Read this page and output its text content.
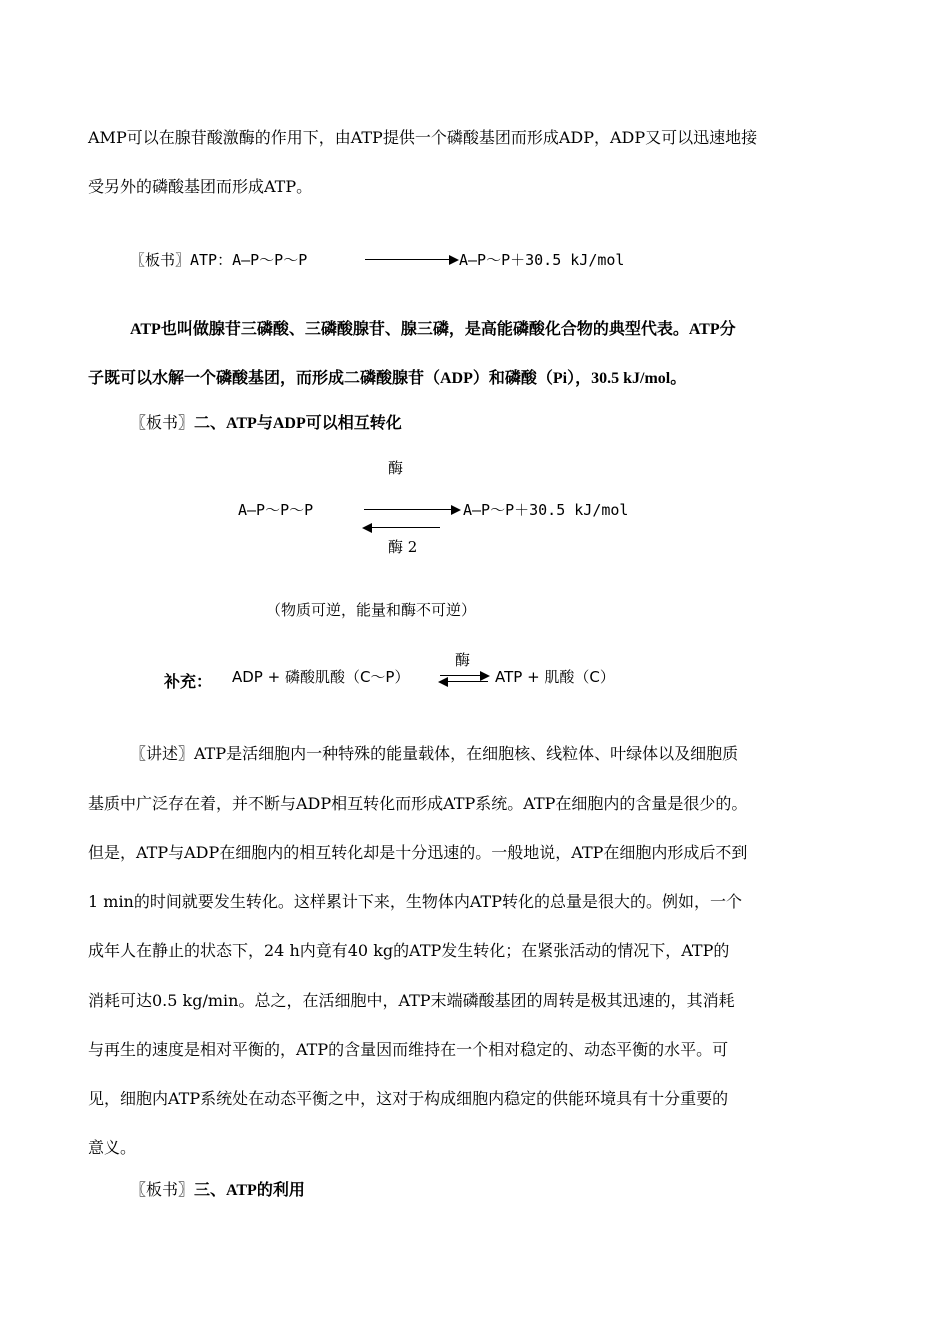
AMP可以在腺苷酸激酶的作用下，由ATP提供一个磷酸基团而形成ADP，ADP又可以迅速地接
受另外的磷酸基团而形成ATP。
〖板书〗ATP：A—P～P～P	A—P～P＋30.5 kJ/mol
ATP也叫做腺苷三磷酸、三磷酸腺苷、腺三磷，是高能磷酸化合物的典型代表。ATP分
子既可以水解一个磷酸基团，而形成二磷酸腺苷（ADP）和磷酸（Pi），30.5 kJ/mol。
〖板书〗二、ATP与ADP可以相互转化
酶
A—P～P～P	A—P～P＋30.5 kJ/mol
酶 2
（物质可逆，能量和酶不可逆）
补充： ADP + 磷酸肌酸（C～P）
酶
ATP + 肌酸（C）
〖讲述〗ATP是活细胞内一种特殊的能量载体，在细胞核、线粒体、叶绿体以及细胞质
基质中广泛存在着，并不断与ADP相互转化而形成ATP系统。ATP在细胞内的含量是很少的。
但是，ATP与ADP在细胞内的相互转化却是十分迅速的。一般地说，ATP在细胞内形成后不到
1 min的时间就要发生转化。这样累计下来，生物体内ATP转化的总量是很大的。例如，一个
成年人在静止的状态下，24 h内竟有40 kg的ATP发生转化；在紧张活动的情况下，ATP的
消耗可达0.5 kg/min。总之，在活细胞中，ATP末端磷酸基团的周转是极其迅速的，其消耗
与再生的速度是相对平衡的，ATP的含量因而维持在一个相对稳定的、动态平衡的水平。可
见，细胞内ATP系统处在动态平衡之中，这对于构成细胞内稳定的供能环境具有十分重要的
意义。
〖板书〗三、ATP的利用
